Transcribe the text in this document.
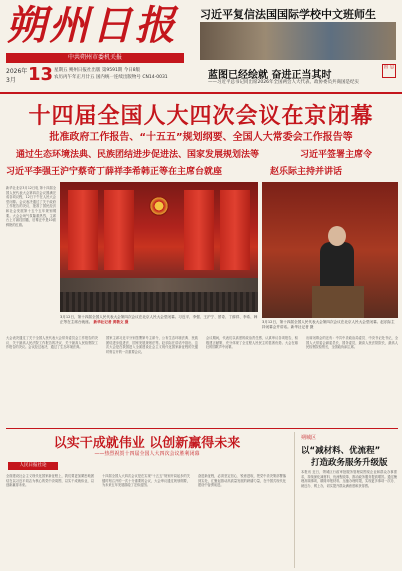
朔州日报
中共朔州市委机关报
2026年
3月 13 星期五 朔州日报社出版 第9591期 今日8版
农历丙午年正月廿五 国内统一连续出版物号 CN14-0031
习近平复信法国国际学校中文班师生
蓝图已经绘就 奋进正当其时
——习近平总书记同出席2026年全国两会人大代表、政协委员共商国是纪实
因 总
十四届全国人大四次会议在京闭幕
批准政府工作报告、“十五五”规划纲要、全国人大常委会工作报告等
通过生态环境法典、民族团结进步促进法、国家发展规划法等	习近平签署主席令
习近平李强王沪宁蔡奇丁薛祥李希韩正等在主席台就座	赵乐际主持并讲话

新华社北京3月12日电 第十四届全国人民代表大会第四次会议圆满完成各项议程，12日下午在人民大会堂闭幕。会议表决通过了关于政府工作报告的决议，批准了国民经济和社会发展第十五个五年规划纲要。大会会场气氛隆重热烈，主席台上方悬挂国徽，后幕正中是10面鲜艳的红旗。

3月12日，第十四届全国人民代表大会第四次会议在北京人民大会堂闭幕。习近平、李强、王沪宁、蔡奇、丁薛祥、李希、韩正等在主席台就座。 新华社记者 黄敬文 摄	3月12日，第十四届全国人民代表大会第四次会议在北京人民大会堂闭幕。赵乐际主持闭幕会并讲话。新华社记者 摄
大会表决通过了关于全国人民代表大会常务委员会工作报告的决议、关于最高人民法院工作报告的决议、关于最高人民检察院工作报告的决议。会议经过表决，通过了生态环境法典。
国家主席习近平分别签署第号主席令，公布生态环境法典、民族团结进步促进法、国家发展规划法等。赵乐际在讲话中指出，这次大会是在我国进入全面建设社会主义现代化国家新征程的关键时刻召开的一次重要会议。
会议期间，代表们以高度的政治责任感，认真审议各项报告，积极建言献策，充分体现了全过程人民民主的显著优势。大会在雄壮的国歌声中闭幕。
出席闭幕会的还有：中共中央政治局委员、中央书记处书记，全国人大常委会副委员长，国务委员，最高人民法院院长，最高人民检察院检察长，全国政协副主席。
以实干成就伟业 以创新赢得未来
——热烈祝贺十四届全国人大四次会议胜利闭幕
人民日报社论
全面建设社会主义现代化国家新征程上，我们要更加紧密地团结在以习近平同志为核心的党中央周围，以实干成就伟业，以创新赢得未来。
十四届全国人大四次会议是在实现“十五五”规划开局起步的关键时刻召开的一次十分重要的会议，大会审议通过规划纲要，为未来五年发展描绘了宏伟蓝图。
奋进新征程，必须坚定信心、锐意进取，把党中央决策部署落到实处，汇聚起推动高质量发展的磅礴力量，在中国式现代化建设中奋勇前进。
朔城区
以“减材料、优流程”
打造政务服务升级版
本报讯 近日，朔城区行政审批服务管理局围绕企业和群众办事需求，持续深化减材料、优流程改革，推动政务服务提质增效。通过梳理高频事项，精简申报材料，压缩办理时限，实现更多事项一次办、就近办、网上办，切实提升群众满意度和获得感。
